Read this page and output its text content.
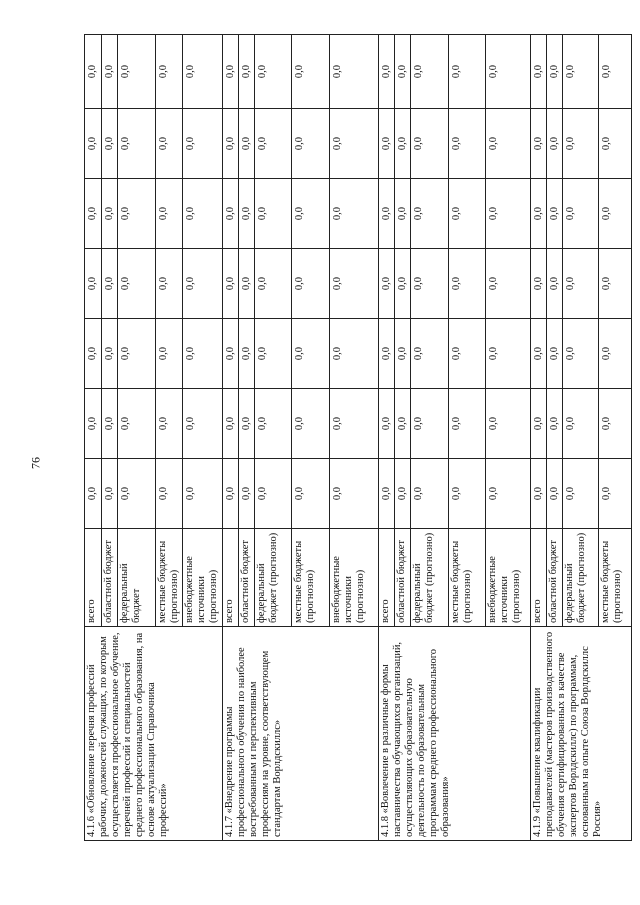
76
4.1.6 «Обновление перечня профессий рабочих, должностей служащих, по которым осуществляется профессиональное обучение, перечней профессий и специальностей среднего профессионального образования, на основе актуализации Справочника профессий»	всего	0,0	0,0	0,0	0,0	0,0	0,0	0,0
	областной бюджет	0,0	0,0	0,0	0,0	0,0	0,0	0,0
	федеральный бюджет	0,0	0,0	0,0	0,0	0,0	0,0	0,0
	местные бюджеты (прогнозно)	0,0	0,0	0,0	0,0	0,0	0,0	0,0
	внебюджетные источники (прогнозно)	0,0	0,0	0,0	0,0	0,0	0,0	0,0
4.1.7 «Внедрение программы профессионального обучения по наиболее востребованным и перспективным профессиям на уровне, соответствующем стандартам Ворлдскиллс»	всего	0,0	0,0	0,0	0,0	0,0	0,0	0,0
	областной бюджет	0,0	0,0	0,0	0,0	0,0	0,0	0,0
	федеральный бюджет (прогнозно)	0,0	0,0	0,0	0,0	0,0	0,0	0,0
	местные бюджеты (прогнозно)	0,0	0,0	0,0	0,0	0,0	0,0	0,0
	внебюджетные источники (прогнозно)	0,0	0,0	0,0	0,0	0,0	0,0	0,0
4.1.8 «Вовлечение в различные формы наставничества обучающихся организаций, осуществляющих образовательную деятельность по образовательным программам среднего профессионального образования»	всего	0,0	0,0	0,0	0,0	0,0	0,0	0,0
	областной бюджет	0,0	0,0	0,0	0,0	0,0	0,0	0,0
	федеральный бюджет (прогнозно)	0,0	0,0	0,0	0,0	0,0	0,0	0,0
	местные бюджеты (прогнозно)	0,0	0,0	0,0	0,0	0,0	0,0	0,0
	внебюджетные источники (прогнозно)	0,0	0,0	0,0	0,0	0,0	0,0	0,0
4.1.9 «Повышение квалификации преподавателей (мастеров производственного обучения сертифицированных в качестве экспертов Ворлдскиллс) по программам, основанным на опыте Союза Ворлдскиллс Россия»	всего	0,0	0,0	0,0	0,0	0,0	0,0	0,0
	областной бюджет	0,0	0,0	0,0	0,0	0,0	0,0	0,0
	федеральный бюджет (прогнозно)	0,0	0,0	0,0	0,0	0,0	0,0	0,0
	местные бюджеты (прогнозно)	0,0	0,0	0,0	0,0	0,0	0,0	0,0
